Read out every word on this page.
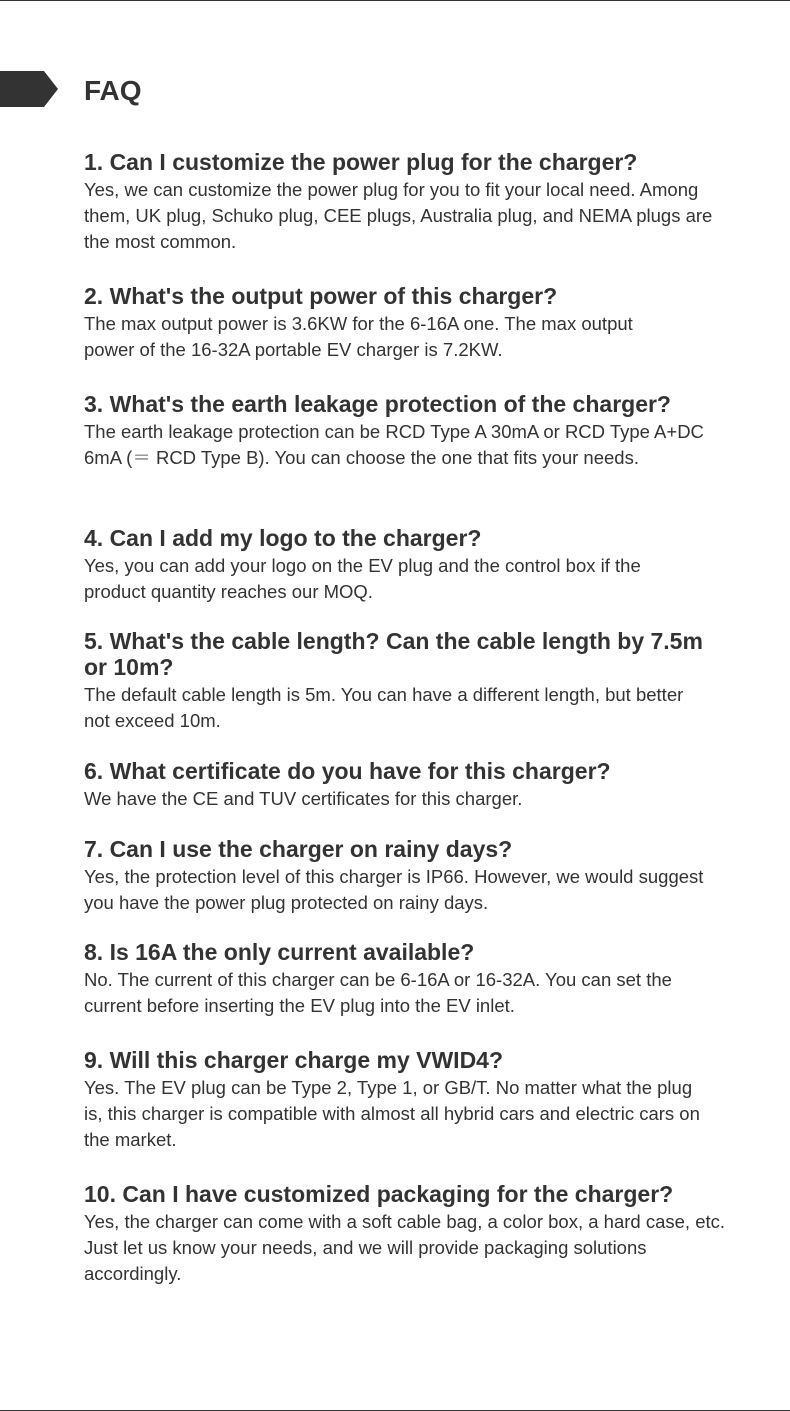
FAQ
1. Can I customize the power plug for the charger?

Yes, we can customize the power plug for you to fit your local need. Among them, UK plug, Schuko plug, CEE plugs, Australia plug, and NEMA plugs are the most common.

2. What's the output power of this charger?

The max output power is 3.6KW for the 6-16A one. The max output power of the 16-32A portable EV charger is 7.2KW.

3. What's the earth leakage protection of the charger?

The earth leakage protection can be RCD Type A 30mA or RCD Type A+DC 6mA (＝ RCD Type B). You can choose the one that fits your needs.

4. Can I add my logo to the charger?

Yes, you can add your logo on the EV plug and the control box if the product quantity reaches our MOQ.

5. What's the cable length? Can the cable length by 7.5m or 10m?

The default cable length is 5m. You can have a different length, but better not exceed 10m.

6. What certificate do you have for this charger?

We have the CE and TUV certificates for this charger.

7. Can I use the charger on rainy days?

Yes, the protection level of this charger is IP66. However, we would suggest you have the power plug protected on rainy days.

8. Is 16A the only current available?

No. The current of this charger can be 6-16A or 16-32A. You can set the current before inserting the EV plug into the EV inlet.

9. Will this charger charge my VWID4?

Yes. The EV plug can be Type 2, Type 1, or GB/T. No matter what the plug is, this charger is compatible with almost all hybrid cars and electric cars on the market.

10. Can I have customized packaging for the charger?

Yes, the charger can come with a soft cable bag, a color box, a hard case, etc. Just let us know your needs, and we will provide packaging solutions accordingly.
